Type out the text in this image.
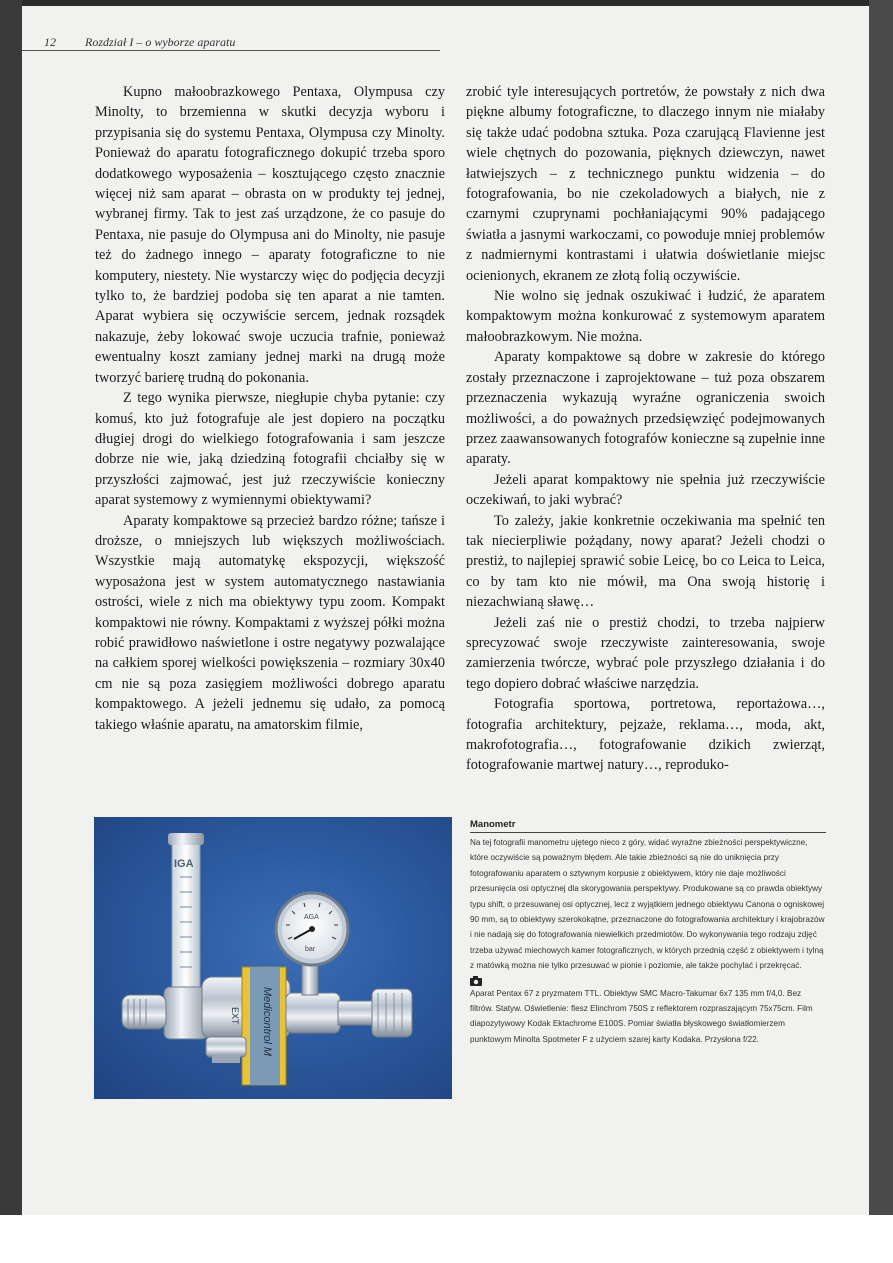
12 Rozdział I – o wyborze aparatu

Kupno małoobrazkowego Pentaxa, Olympusa czy Minolty, to brzemienna w skutki decyzja wyboru i przypisania się do systemu Pentaxa, Olympusa czy Minolty. Ponieważ do aparatu fotograficznego dokupić trzeba sporo dodatkowego wyposażenia – kosztującego często znacznie więcej niż sam aparat – obrasta on w produkty tej jednej, wybranej firmy. Tak to jest zaś urządzone, że co pasuje do Pentaxa, nie pasuje do Olympusa ani do Minolty, nie pasuje też do żadnego innego – aparaty fotograficzne to nie komputery, niestety. Nie wystarczy więc do podjęcia decyzji tylko to, że bardziej podoba się ten aparat a nie tamten. Aparat wybiera się oczywiście sercem, jednak rozsądek nakazuje, żeby lokować swoje uczucia trafnie, ponieważ ewentualny koszt zamiany jednej marki na drugą może tworzyć barierę trudną do pokonania.

Z tego wynika pierwsze, niegłupie chyba pytanie: czy komuś, kto już fotografuje ale jest dopiero na początku długiej drogi do wielkiego fotografowania i sam jeszcze dobrze nie wie, jaką dziedziną fotografii chciałby się w przyszłości zajmować, jest już rzeczywiście konieczny aparat systemowy z wymiennymi obiektywami?

Aparaty kompaktowe są przecież bardzo różne; tańsze i droższe, o mniejszych lub większych możliwościach. Wszystkie mają automatykę ekspozycji, większość wyposażona jest w system automatycznego nastawiania ostrości, wiele z nich ma obiektywy typu zoom. Kompakt kompaktowi nie równy. Kompaktami z wyższej półki można robić prawidłowo naświetlone i ostre negatywy pozwalające na całkiem sporej wielkości powiększenia – rozmiary 30x40 cm nie są poza zasięgiem możliwości dobrego aparatu kompaktowego. A jeżeli jednemu się udało, za pomocą takiego właśnie aparatu, na amatorskim filmie,

zrobić tyle interesujących portretów, że powstały z nich dwa piękne albumy fotograficzne, to dlaczego innym nie miałaby się także udać podobna sztuka. Poza czarującą Flavienne jest wiele chętnych do pozowania, pięknych dziewczyn, nawet łatwiejszych – z technicznego punktu widzenia – do fotografowania, bo nie czekoladowych a białych, nie z czarnymi czuprynami pochłaniającymi 90% padającego światła a jasnymi warkoczami, co powoduje mniej problemów z nadmiernymi kontrastami i ułatwia doświetlanie miejsc ocienionych, ekranem ze złotą folią oczywiście.

Nie wolno się jednak oszukiwać i łudzić, że aparatem kompaktowym można konkurować z systemowym aparatem małoobrazkowym. Nie można.

Aparaty kompaktowe są dobre w zakresie do którego zostały przeznaczone i zaprojektowane – tuż poza obszarem przeznaczenia wykazują wyraźne ograniczenia swoich możliwości, a do poważnych przedsięwzięć podejmowanych przez zaawansowanych fotografów konieczne są zupełnie inne aparaty.

Jeżeli aparat kompaktowy nie spełnia już rzeczywiście oczekiwań, to jaki wybrać?

To zależy, jakie konkretnie oczekiwania ma spełnić ten tak niecierpliwie pożądany, nowy aparat? Jeżeli chodzi o prestiż, to najlepiej sprawić sobie Leicę, bo co Leica to Leica, co by tam kto nie mówił, ma Ona swoją historię i niezachwianą sławę…

Jeżeli zaś nie o prestiż chodzi, to trzeba najpierw sprecyzować swoje rzeczywiste zainteresowania, swoje zamierzenia twórcze, wybrać pole przyszłego działania i do tego dopiero dobrać właściwe narzędzia.

Fotografia sportowa, portretowa, reportażowa…, fotografia architektury, pejzaże, reklama…, moda, akt, makrofotografia…, fotografowanie dzikich zwierząt, fotografowanie martwej natury…, reproduko-

IGA
EXT Medicontrol M
AGA
bar
Manometr

Na tej fotografii manometru ujętego nieco z góry, widać wyraźne zbieżności perspektywiczne, które oczywiście są poważnym błędem. Ale takie zbieżności są nie do uniknięcia przy fotografowaniu aparatem o sztywnym korpusie z obiektywem, który nie daje możliwości przesunięcia osi optycznej dla skorygowania perspektywy. Produkowane są co prawda obiektywy typu shift, o przesuwanej osi optycznej, lecz z wyjątkiem jednego obiektywu Canona o ogniskowej 90 mm, są to obiektywy szerokokątne, przeznaczone do fotografowania architektury i krajobrazów i nie nadają się do fotografowania niewielkich przedmiotów. Do wykonywania tego rodzaju zdjęć trzeba używać miechowych kamer fotograficznych, w których przednią część z obiektywem i tylną z matówką można nie tylko przesuwać w pionie i poziomie, ale także pochylać i przekręcać.

Aparat Pentax 67 z pryzmatem TTL. Obiektyw SMC Macro-Takumar 6x7 135 mm f/4,0. Bez filtrów. Statyw. Oświetlenie: flesz Elinchrom 750S z reflektorem rozpraszającym 75x75cm. Film diapozytywowy Kodak Ektachrome E100S. Pomiar światła błyskowego światłomierzem punktowym Minolta Spotmeter F z użyciem szarej karty Kodaka. Przysłona f/22.
